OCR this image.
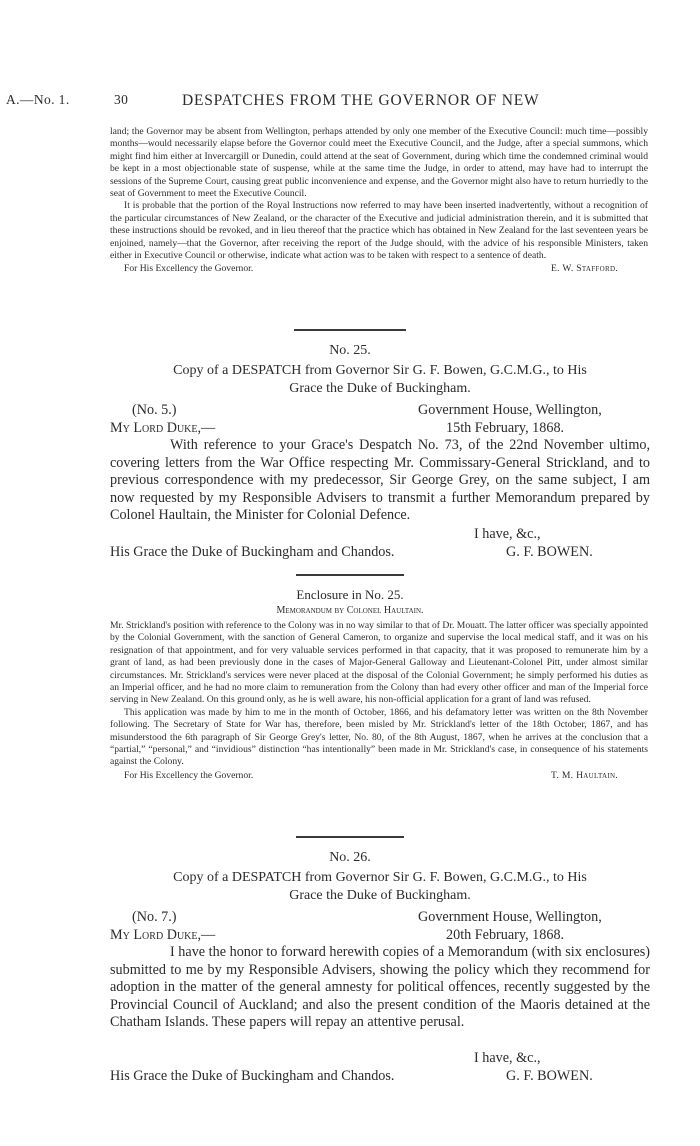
A.—No. 1.	30	DESPATCHES FROM THE GOVERNOR OF NEW

land; the Governor may be absent from Wellington, perhaps attended by only one member of the Executive Council: much time—possibly months—would necessarily elapse before the Governor could meet the Executive Council, and the Judge, after a special summons, which might find him either at Invercargill or Dunedin, could attend at the seat of Government, during which time the condemned criminal would be kept in a most objectionable state of suspense, while at the same time the Judge, in order to attend, may have had to interrupt the sessions of the Supreme Court, causing great public inconvenience and expense, and the Governor might also have to return hurriedly to the seat of Government to meet the Executive Council.

It is probable that the portion of the Royal Instructions now referred to may have been inserted inadvertently, without a recognition of the particular circumstances of New Zealand, or the character of the Executive and judicial administration therein, and it is submitted that these instructions should be revoked, and in lieu thereof that the practice which has obtained in New Zealand for the last seventeen years be enjoined, namely—that the Governor, after receiving the report of the Judge should, with the advice of his responsible Ministers, taken either in Executive Council or otherwise, indicate what action was to be taken with respect to a sentence of death.

For His Excellency the Governor.	E. W. Stafford.
No. 25.
Copy of a DESPATCH from Governor Sir G. F. Bowen, G.C.M.G., to His
Grace the Duke of Buckingham.
(No. 5.)	Government House, Wellington,
My Lord Duke,—	15th February, 1868.

With reference to your Grace's Despatch No. 73, of the 22nd November ultimo, covering letters from the War Office respecting Mr. Commissary-General Strickland, and to previous correspondence with my predecessor, Sir George Grey, on the same subject, I am now requested by my Responsible Advisers to transmit a further Memorandum prepared by Colonel Haultain, the Minister for Colonial Defence.

I have, &c.,
His Grace the Duke of Buckingham and Chandos.	G. F. BOWEN.
Enclosure in No. 25.
Memorandum by Colonel Haultain.

Mr. Strickland's position with reference to the Colony was in no way similar to that of Dr. Mouatt. The latter officer was specially appointed by the Colonial Government, with the sanction of General Cameron, to organize and supervise the local medical staff, and it was on his resignation of that appointment, and for very valuable services performed in that capacity, that it was proposed to remunerate him by a grant of land, as had been previously done in the cases of Major-General Galloway and Lieutenant-Colonel Pitt, under almost similar circumstances. Mr. Strickland's services were never placed at the disposal of the Colonial Government; he simply performed his duties as an Imperial officer, and he had no more claim to remuneration from the Colony than had every other officer and man of the Imperial force serving in New Zealand. On this ground only, as he is well aware, his non-official application for a grant of land was refused.

This application was made by him to me in the month of October, 1866, and his defamatory letter was written on the 8th November following. The Secretary of State for War has, therefore, been misled by Mr. Strickland's letter of the 18th October, 1867, and has misunderstood the 6th paragraph of Sir George Grey's letter, No. 80, of the 8th August, 1867, when he arrives at the conclusion that a “partial,” “personal,” and “invidious” distinction “has intentionally” been made in Mr. Strickland's case, in consequence of his statements against the Colony.

For His Excellency the Governor.	T. M. Haultain.
No. 26.
Copy of a DESPATCH from Governor Sir G. F. Bowen, G.C.M.G., to His
Grace the Duke of Buckingham.
(No. 7.)	Government House, Wellington,
My Lord Duke,—	20th February, 1868.

I have the honor to forward herewith copies of a Memorandum (with six enclosures) submitted to me by my Responsible Advisers, showing the policy which they recommend for adoption in the matter of the general amnesty for political offences, recently suggested by the Provincial Council of Auckland; and also the present condition of the Maoris detained at the Chatham Islands. These papers will repay an attentive perusal.

I have, &c.,
His Grace the Duke of Buckingham and Chandos.	G. F. BOWEN.
